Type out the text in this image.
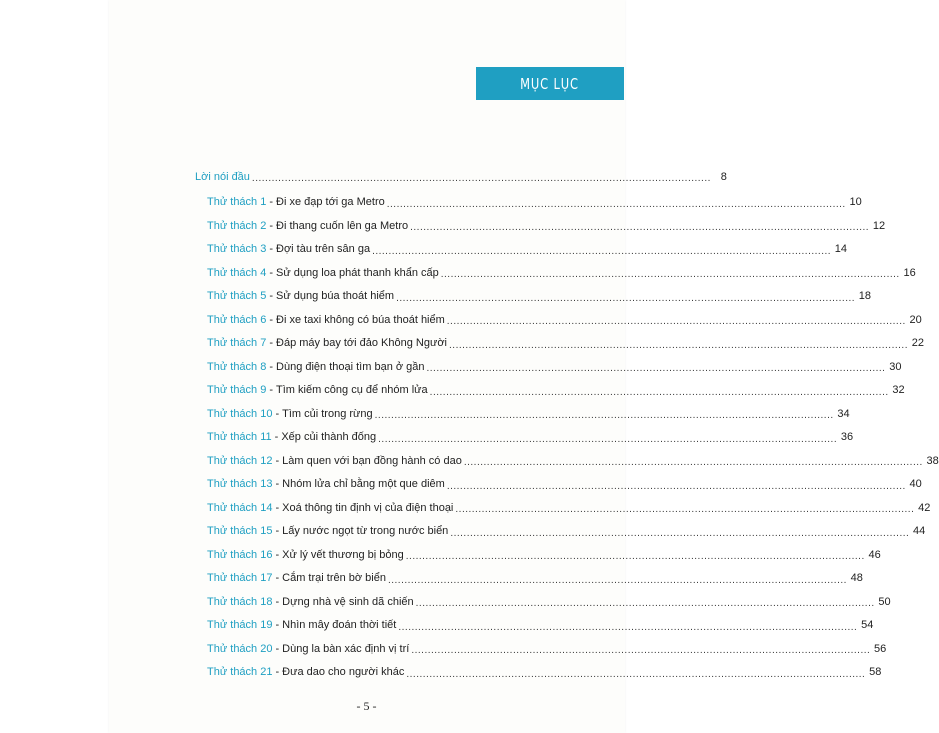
MỤC LỤC
Lời nói đầu ............................................................................................................................................ 8
Thử thách 1 - Đi xe đạp tới ga Metro ............................................................................................................................................ 10
Thử thách 2 - Đi thang cuốn lên ga Metro ............................................................................................................................................ 12
Thử thách 3 - Đợi tàu trên sân ga ............................................................................................................................................ 14
Thử thách 4 - Sử dụng loa phát thanh khẩn cấp ............................................................................................................................................ 16
Thử thách 5 - Sử dụng búa thoát hiểm ............................................................................................................................................ 18
Thử thách 6 - Đi xe taxi không có búa thoát hiểm ............................................................................................................................................ 20
Thử thách 7 - Đáp máy bay tới đảo Không Người ............................................................................................................................................ 22
Thử thách 8 - Dùng điện thoại tìm bạn ở gần ............................................................................................................................................ 30
Thử thách 9 - Tìm kiếm công cụ để nhóm lửa ............................................................................................................................................ 32
Thử thách 10 - Tìm củi trong rừng ............................................................................................................................................ 34
Thử thách 11 - Xếp củi thành đống ............................................................................................................................................ 36
Thử thách 12 - Làm quen với bạn đồng hành có dao ............................................................................................................................................ 38
Thử thách 13 - Nhóm lửa chỉ bằng một que diêm ............................................................................................................................................ 40
Thử thách 14 - Xoá thông tin định vị của điện thoại ............................................................................................................................................ 42
Thử thách 15 - Lấy nước ngọt từ trong nước biển ............................................................................................................................................ 44
Thử thách 16 - Xử lý vết thương bị bỏng ............................................................................................................................................ 46
Thử thách 17 - Cắm trại trên bờ biển ............................................................................................................................................ 48
Thử thách 18 - Dựng nhà vệ sinh dã chiến ............................................................................................................................................ 50
Thử thách 19 - Nhìn mây đoán thời tiết ............................................................................................................................................ 54
Thử thách 20 - Dùng la bàn xác định vị trí ............................................................................................................................................ 56
Thử thách 21 - Đưa dao cho người khác ............................................................................................................................................ 58
- 5 -
